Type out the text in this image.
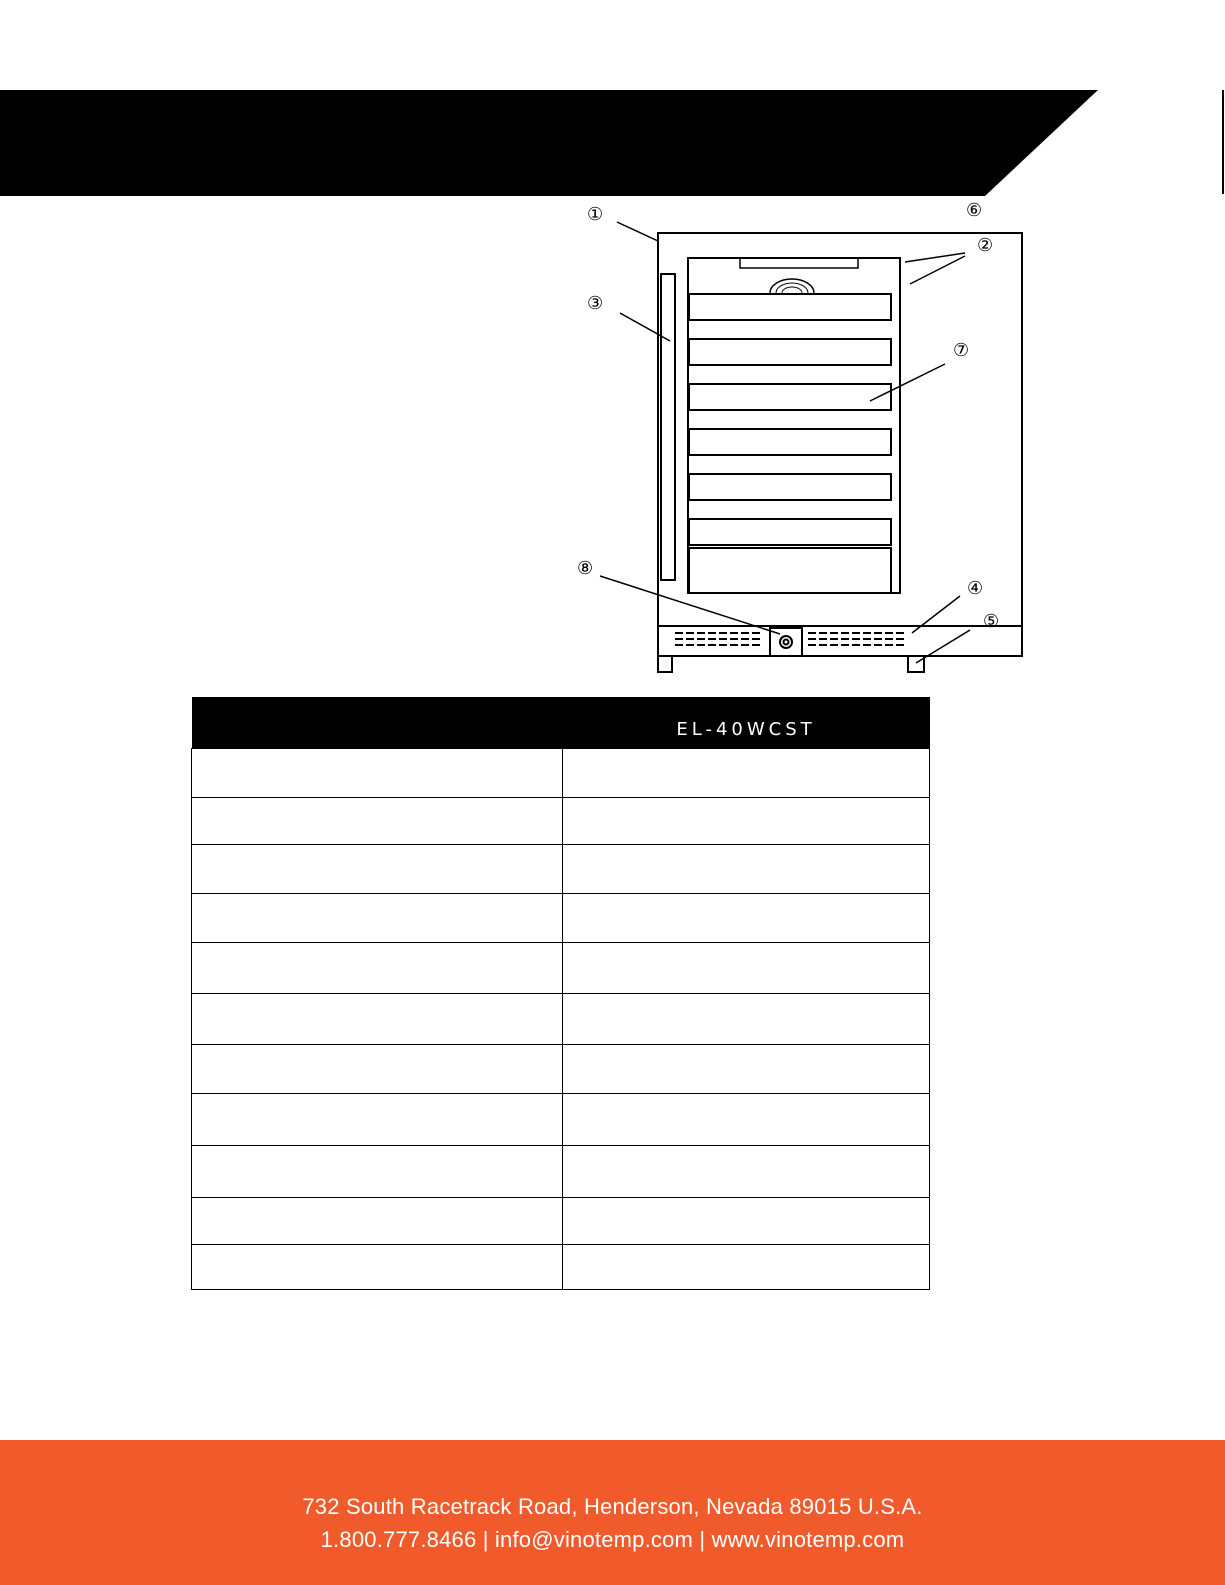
①
②
③
④
⑤
⑥
⑦
⑧
	EL-40WCST

732 South Racetrack Road, Henderson, Nevada 89015 U.S.A.
1.800.777.8466 | info@vinotemp.com | www.vinotemp.com
